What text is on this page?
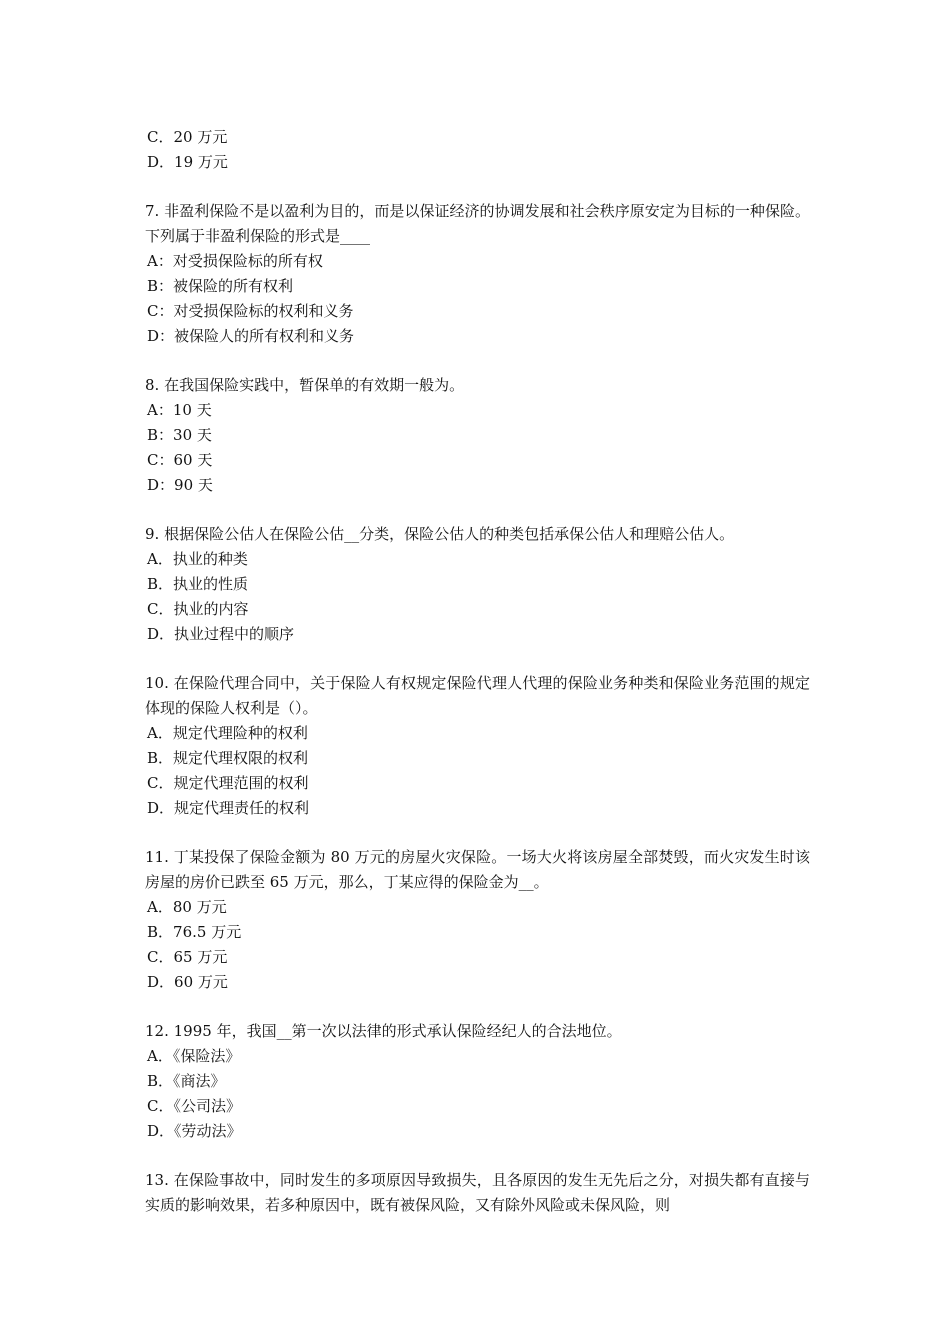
C．20 万元

D．19 万元

7. 非盈利保险不是以盈利为目的，而是以保证经济的协调发展和社会秩序原安定为目标的一种保险。下列属于非盈利保险的形式是____

A：对受损保险标的所有权

B：被保险的所有权利

C：对受损保险标的权利和义务

D：被保险人的所有权利和义务

8. 在我国保险实践中，暂保单的有效期一般为。

A：10 天

B：30 天

C：60 天

D：90 天

9. 根据保险公估人在保险公估__分类，保险公估人的种类包括承保公估人和理赔公估人。

A．执业的种类

B．执业的性质

C．执业的内容

D．执业过程中的顺序

10. 在保险代理合同中，关于保险人有权规定保险代理人代理的保险业务种类和保险业务范围的规定体现的保险人权利是（）。

A．规定代理险种的权利

B．规定代理权限的权利

C．规定代理范围的权利

D．规定代理责任的权利

11. 丁某投保了保险金额为 80 万元的房屋火灾保险。一场大火将该房屋全部焚毁，而火灾发生时该房屋的房价已跌至 65 万元，那么，丁某应得的保险金为__。

A．80 万元

B．76.5 万元

C．65 万元

D．60 万元

12. 1995 年，我国__第一次以法律的形式承认保险经纪人的合法地位。

A．《保险法》

B．《商法》

C．《公司法》

D．《劳动法》

13. 在保险事故中，同时发生的多项原因导致损失，且各原因的发生无先后之分，对损失都有直接与实质的影响效果，若多种原因中，既有被保风险，又有除外风险或未保风险，则
